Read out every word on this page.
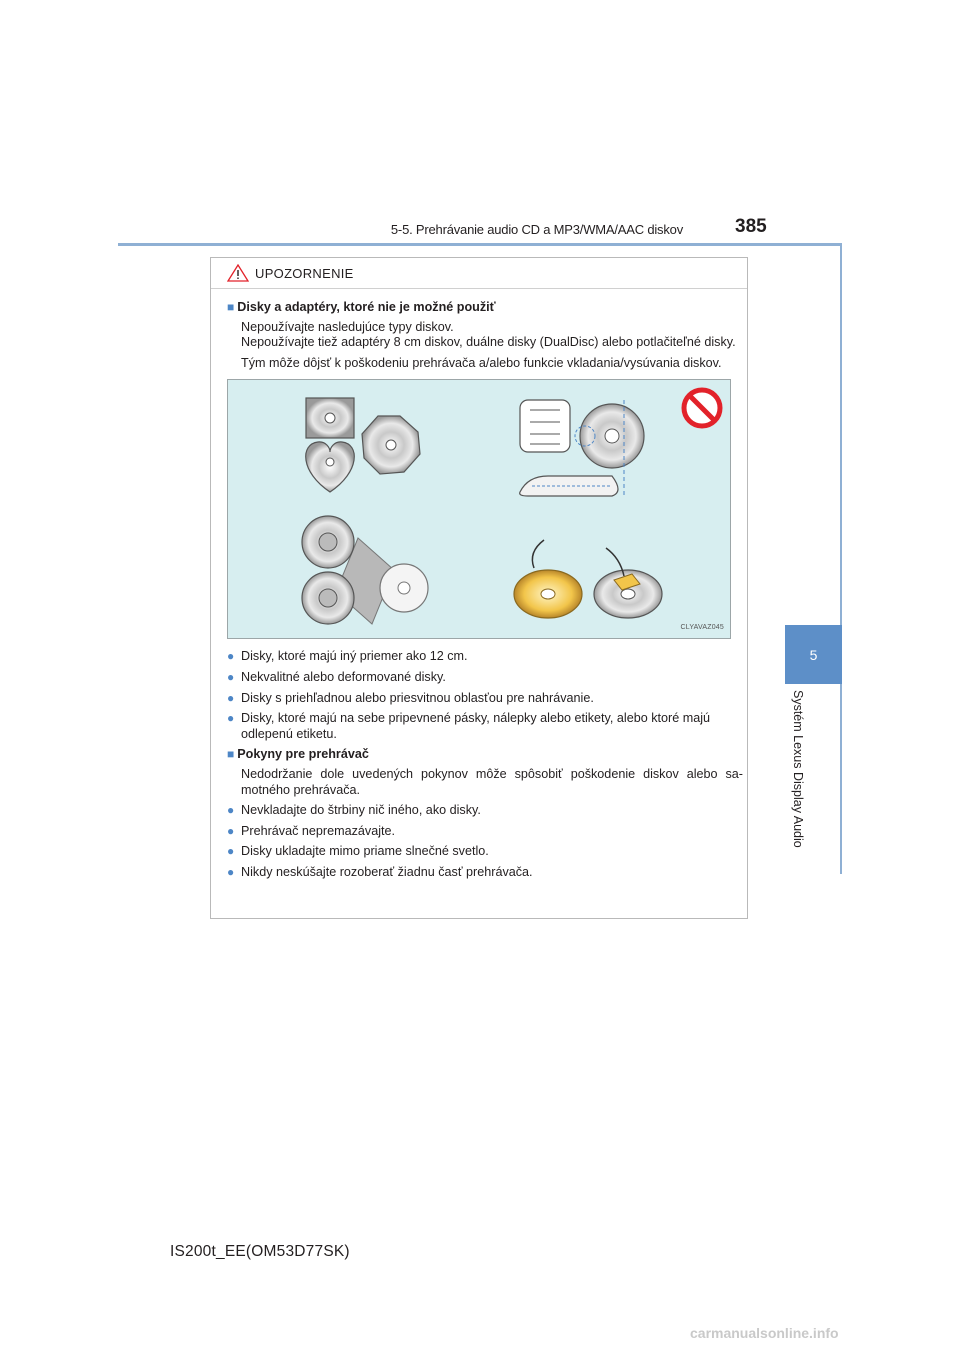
5-5. Prehrávanie audio CD a MP3/WMA/AAC diskov	385
5
Systém Lexus Display Audio
UPOZORNENIE
■ Disky a adaptéry, ktoré nie je možné použiť
Nepoužívajte nasledujúce typy diskov.
Nepoužívajte tiež adaptéry 8 cm diskov, duálne disky (DualDisc) alebo potlačiteľné disky.
Tým môže dôjsť k poškodeniu prehrávača a/alebo funkcie vkladania/vysúvania diskov.
CLYAVAZ045
● Disky, ktoré majú iný priemer ako 12 cm.
● Nekvalitné alebo deformované disky.
● Disky s priehľadnou alebo priesvitnou oblasťou pre nahrávanie.
● Disky, ktoré majú na sebe pripevnené pásky, nálepky alebo etikety, alebo ktoré majú odlepenú etiketu.
■ Pokyny pre prehrávač
Nedodržanie dole uvedených pokynov môže spôsobiť poškodenie diskov alebo sa-motného prehrávača.
● Nevkladajte do štrbiny nič iného, ako disky.
● Prehrávač nepremazávajte.
● Disky ukladajte mimo priame slnečné svetlo.
● Nikdy neskúšajte rozoberať žiadnu časť prehrávača.
IS200t_EE(OM53D77SK)
carmanualsonline.info
